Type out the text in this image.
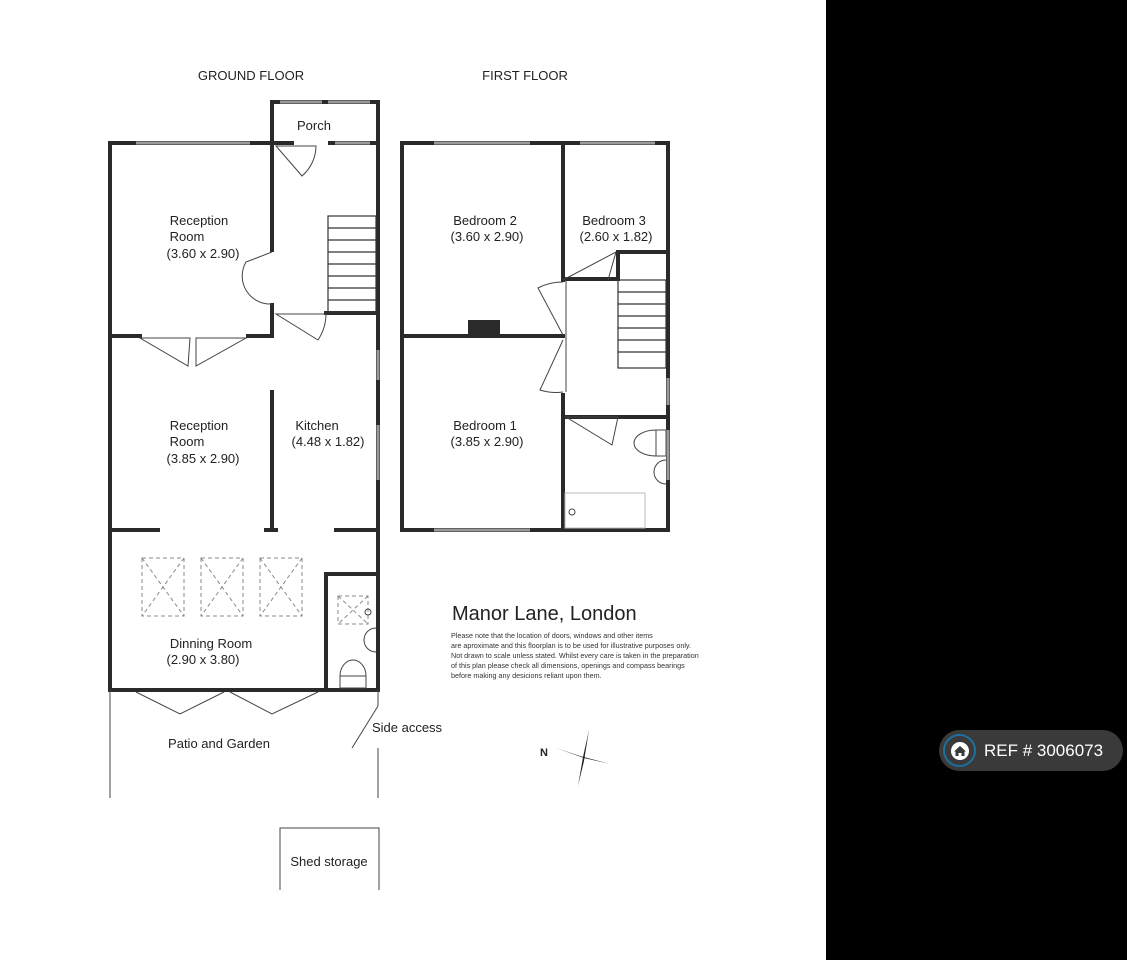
GROUND FLOOR	FIRST FLOOR
Porch
Reception
Room
(3.60 x 2.90)
Reception
Room
(3.85 x 2.90)
Kitchen
(4.48 x 1.82)
Dinning Room
(2.90 x 3.80)
Patio and Garden
Side access
Shed storage
Bedroom 2
(3.60 x 2.90)
Bedroom 3
(2.60 x 1.82)
Bedroom 1
(3.85 x 2.90)
Manor Lane, London
Please note that the location of doors, windows and other items
are aproximate and this floorplan is to be used for illustrative purposes only.
Not drawn to scale unless stated. Whilst every care is taken in the preparation
of this plan please check all dimensions, openings and compass bearings
before making any desicions reliant upon them.
N	REF # 3006073
